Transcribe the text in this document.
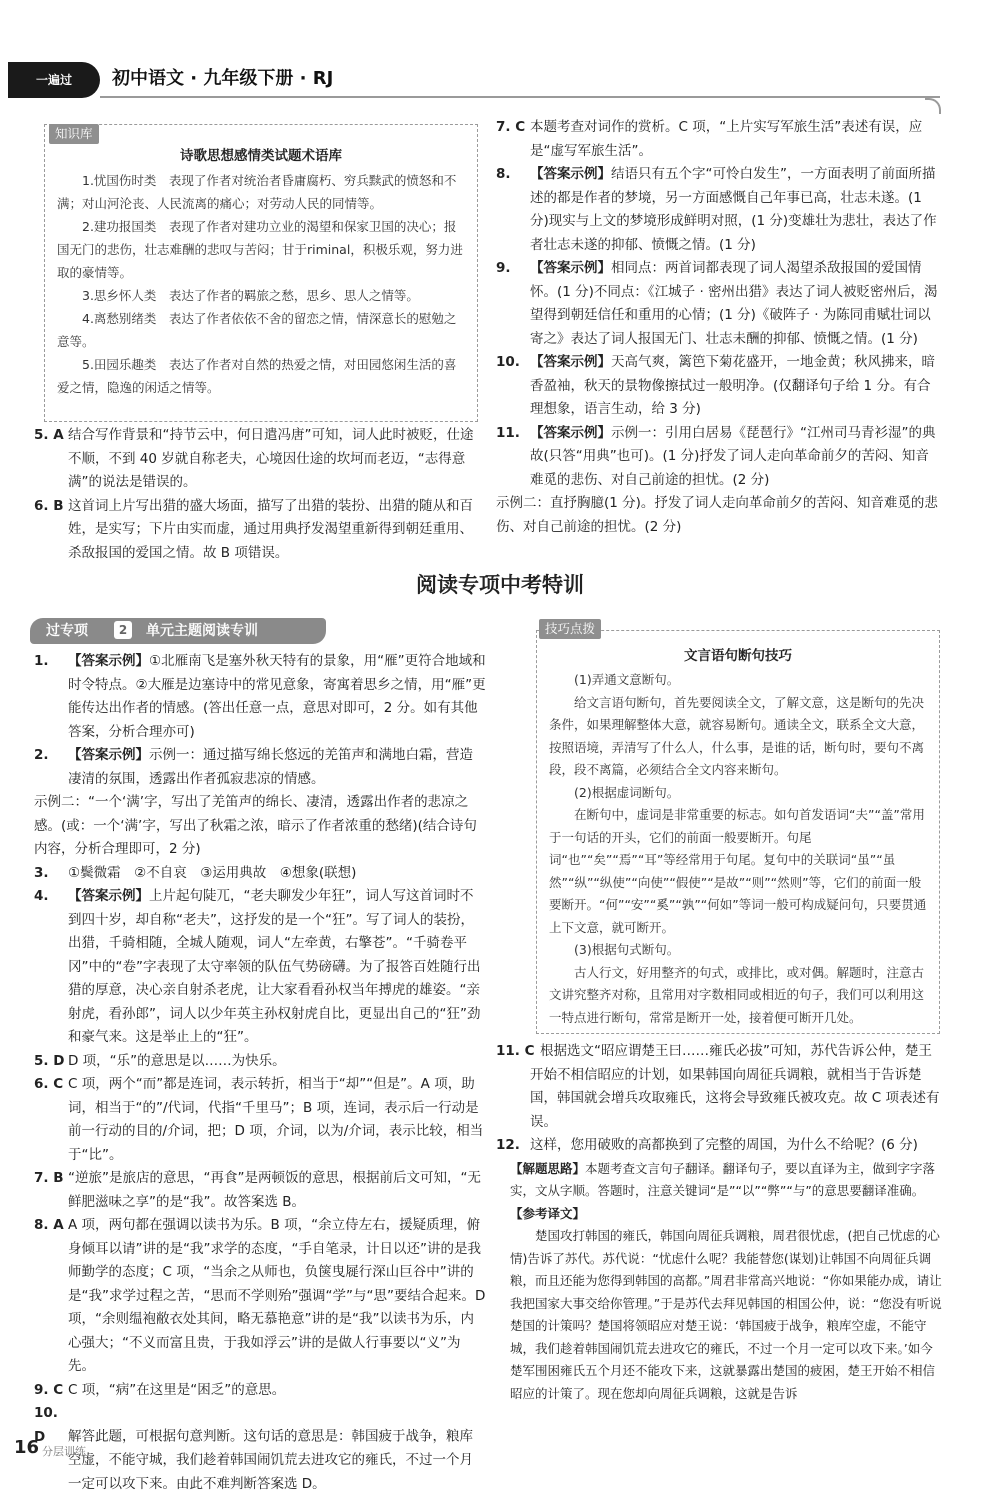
一遍过	初中语文 · 九年级下册 · RJ
知识库
诗歌思想感情类试题术语库

1.忧国伤时类　表现了作者对统治者昏庸腐朽、穷兵黩武的愤怒和不满；对山河沦丧、人民流离的痛心；对劳动人民的同情等。

2.建功报国类　表现了作者对建功立业的渴望和保家卫国的决心；报国无门的悲伤，壮志难酬的悲叹与苦闷；甘于riminal，积极乐观，努力进取的豪情等。

3.思乡怀人类　表达了作者的羁旅之愁，思乡、思人之情等。

4.离愁别绪类　表达了作者依依不舍的留恋之情，情深意长的慰勉之意等。

5.田园乐趣类　表达了作者对自然的热爱之情，对田园悠闲生活的喜爱之情，隐逸的闲适之情等。

5. A 结合写作背景和“持节云中，何日遣冯唐”可知，词人此时被贬，仕途不顺，不到 40 岁就自称老夫，心境因仕途的坎坷而老迈，“志得意满”的说法是错误的。
6. B 这首词上片写出猎的盛大场面，描写了出猎的装扮、出猎的随从和百姓，是实写；下片由实而虚，通过用典抒发渴望重新得到朝廷重用、杀敌报国的爱国之情。故 B 项错误。
7. C 本题考查对词作的赏析。C 项，“上片实写军旅生活”表述有误，应是“虚写军旅生活”。
8. 【答案示例】结语只有五个字“可怜白发生”，一方面表明了前面所描述的都是作者的梦境，另一方面感慨自己年事已高，壮志未遂。(1 分)现实与上文的梦境形成鲜明对照，(1 分)变雄壮为悲壮，表达了作者壮志未遂的抑郁、愤慨之情。(1 分)
9. 【答案示例】相同点：两首词都表现了词人渴望杀敌报国的爱国情怀。(1 分)不同点：《江城子 · 密州出猎》表达了词人被贬密州后，渴望得到朝廷信任和重用的心情；(1 分)《破阵子 · 为陈同甫赋壮词以寄之》表达了词人报国无门、壮志未酬的抑郁、愤慨之情。(1 分)
10. 【答案示例】天高气爽，篱笆下菊花盛开，一地金黄；秋风拂来，暗香盈袖，秋天的景物像擦拭过一般明净。(仅翻译句子给 1 分。有合理想象，语言生动，给 3 分)
11. 【答案示例】示例一：引用白居易《琵琶行》“江州司马青衫湿”的典故(只答“用典”也可)。(1 分)抒发了词人走向革命前夕的苦闷、知音难觅的悲伤、对自己前途的担忧。(2 分)
示例二：直抒胸臆(1 分)。抒发了词人走向革命前夕的苦闷、知音难觅的悲伤、对自己前途的担忧。(2 分)
阅读专项中考特训
过专项	2	单元主题阅读专训
1. 【答案示例】①北雁南飞是塞外秋天特有的景象，用“雁”更符合地域和时令特点。②大雁是边塞诗中的常见意象，寄寓着思乡之情，用“雁”更能传达出作者的情感。(答出任意一点，意思对即可，2 分。如有其他答案，分析合理亦可)
2. 【答案示例】示例一：通过描写绵长悠远的羌笛声和满地白霜，营造凄清的氛围，透露出作者孤寂悲凉的情感。
示例二：“一个‘满’字，写出了羌笛声的绵长、凄清，透露出作者的悲凉之感。(或：一个‘满’字，写出了秋霜之浓，暗示了作者浓重的愁绪)(结合诗句内容，分析合理即可，2 分)
3. ①鬓微霜　②不自哀　③运用典故　④想象(联想)
4. 【答案示例】上片起句陡兀，“老夫聊发少年狂”，词人写这首词时不到四十岁，却自称“老夫”，这抒发的是一个“狂”。写了词人的装扮，出猎，千骑相随，全城人随观，词人“左牵黄，右擎苍”。“千骑卷平冈”中的“卷”字表现了太守率领的队伍气势磅礴。为了报答百姓随行出猎的厚意，决心亲自射杀老虎，让大家看看孙权当年搏虎的雄姿。“亲射虎，看孙郎”，词人以少年英主孙权射虎自比，更显出自己的“狂”劲和豪气来。这是举止上的“狂”。
5. D D 项，“乐”的意思是以……为快乐。
6. C C 项，两个“而”都是连词，表示转折，相当于“却”“但是”。A 项，助词，相当于“的”/代词，代指“千里马”；B 项，连词，表示后一行动是前一行动的目的/介词，把；D 项，介词，以为/介词，表示比较，相当于“比”。
7. B “逆旅”是旅店的意思，“再食”是两顿饭的意思，根据前后文可知，“无鲜肥滋味之享”的是“我”。故答案选 B。
8. A A 项，两句都在强调以读书为乐。B 项，“余立侍左右，援疑质理，俯身倾耳以请”讲的是“我”求学的态度，“手自笔录，计日以还”讲的是我师勤学的态度；C 项，“当余之从师也，负箧曳屣行深山巨谷中”讲的是“我”求学过程之苦，“思而不学则殆”强调“学”与“思”要结合起来。D 项，“余则缊袍敝衣处其间，略无慕艳意”讲的是“我”以读书为乐，内心强大；“不义而富且贵，于我如浮云”讲的是做人行事要以“义”为先。
9. C C 项，“病”在这里是“困乏”的意思。
10. D 解答此题，可根据句意判断。这句话的意思是：韩国疲于战争，粮库空虚，不能守城，我们趁着韩国闹饥荒去进攻它的雍氏，不过一个月一定可以攻下来。由此不难判断答案选 D。
技巧点拨
文言语句断句技巧

(1)弄通文意断句。

给文言语句断句，首先要阅读全文，了解文意，这是断句的先决条件，如果理解整体大意，就容易断句。通读全文，联系全文大意，按照语境，弄清写了什么人，什么事，是谁的话，断句时，要句不离段，段不离篇，必须结合全文内容来断句。

(2)根据虚词断句。

在断句中，虚词是非常重要的标志。如句首发语词“夫”“盖”常用于一句话的开头，它们的前面一般要断开。句尾词“也”“矣”“焉”“耳”等经常用于句尾。复句中的关联词“虽”“虽然”“纵”“纵使”“向使”“假使”“是故”“则”“然则”等，它们的前面一般要断开。“何”“安”“奚”“孰”“何如”等词一般可构成疑问句，只要贯通上下文意，就可断开。

(3)根据句式断句。

古人行文，好用整齐的句式，或排比，或对偶。解题时，注意古文讲究整齐对称，且常用对字数相同或相近的句子，我们可以利用这一特点进行断句，常常是断开一处，接着便可断开几处。

11. C 根据选文“昭应谓楚王曰……雍氏必拔”可知，苏代告诉公仲，楚王开始不相信昭应的计划，如果韩国向周征兵调粮，就相当于告诉楚国，韩国就会增兵攻取雍氏，这将会导致雍氏被攻克。故 C 项表述有误。
12. 这样，您用破败的高都换到了完整的周国，为什么不给呢？(6 分)
【解题思路】本题考查文言句子翻译。翻译句子，要以直译为主，做到字字落实，文从字顺。答题时，注意关键词“是”“以”“弊”“与”的意思要翻译准确。
【参考译文】
楚国攻打韩国的雍氏，韩国向周征兵调粮，周君很忧虑，(把自己忧虑的心情)告诉了苏代。苏代说：“忧虑什么呢？我能替您(谋划)让韩国不向周征兵调粮，而且还能为您得到韩国的高都。”周君非常高兴地说：“你如果能办成，请让我把国家大事交给你管理。”于是苏代去拜见韩国的相国公仲，说：“您没有听说楚国的计策吗？楚国将领昭应对楚王说：‘韩国疲于战争，粮库空虚，不能守城，我们趁着韩国闹饥荒去进攻它的雍氏，不过一个月一定可以攻下来。’如今楚军围困雍氏五个月还不能攻下来，这就暴露出楚国的疲困，楚王开始不相信昭应的计策了。现在您却向周征兵调粮，这就是告诉
16 分层训练
